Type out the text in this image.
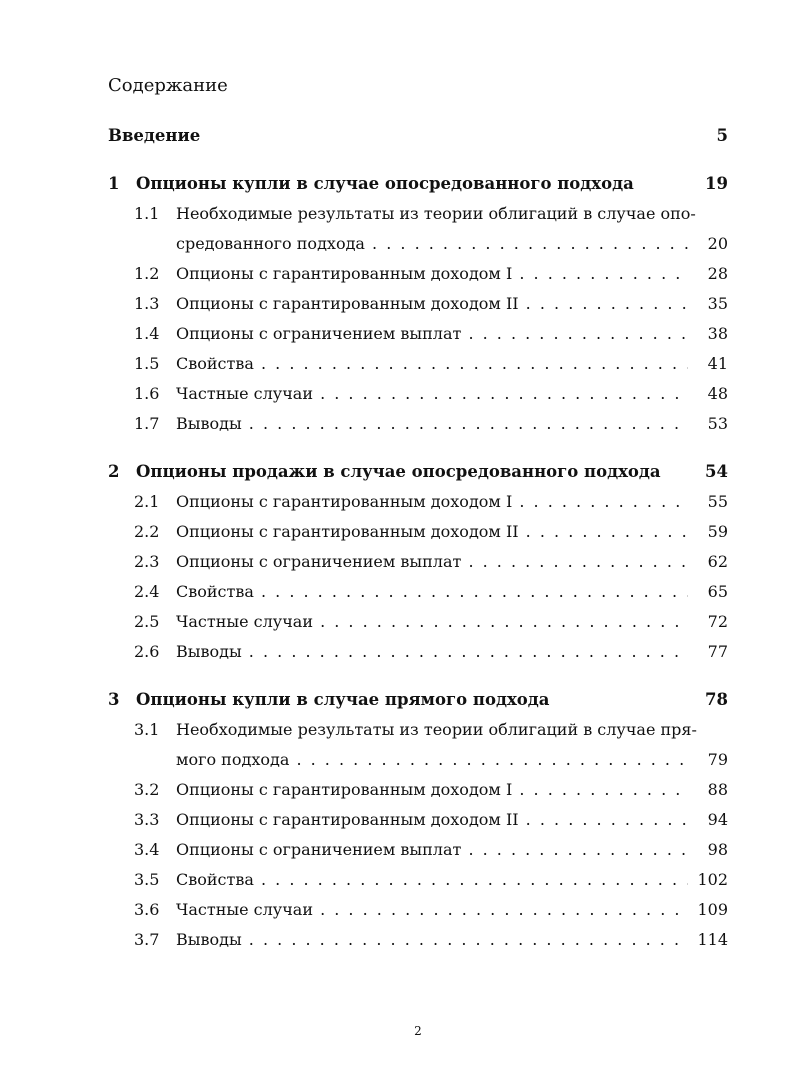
Содержание
Введение	5
1 Опционы купли в случае опосредованного подхода	19
1.1 Необходимые результаты из теории облигаций в случае опо-
средованного подхода . . .	20
1.2 Опционы с гарантированным доходом I . . .	28
1.3 Опционы с гарантированным доходом II . . .	35
1.4 Опционы с ограничением выплат . . .	38
1.5 Свойства . . .	41
1.6 Частные случаи . . .	48
1.7 Выводы . . .	53
2 Опционы продажи в случае опосредованного подхода	54
2.1 Опционы с гарантированным доходом I . . .	55
2.2 Опционы с гарантированным доходом II . . .	59
2.3 Опционы с ограничением выплат . . .	62
2.4 Свойства . . .	65
2.5 Частные случаи . . .	72
2.6 Выводы . . .	77
3 Опционы купли в случае прямого подхода	78
3.1 Необходимые результаты из теории облигаций в случае пря-
мого подхода . . .	79
3.2 Опционы с гарантированным доходом I . . .	88
3.3 Опционы с гарантированным доходом II . . .	94
3.4 Опционы с ограничением выплат . . .	98
3.5 Свойства . . .	102
3.6 Частные случаи . . .	109
3.7 Выводы . . .	114
2
